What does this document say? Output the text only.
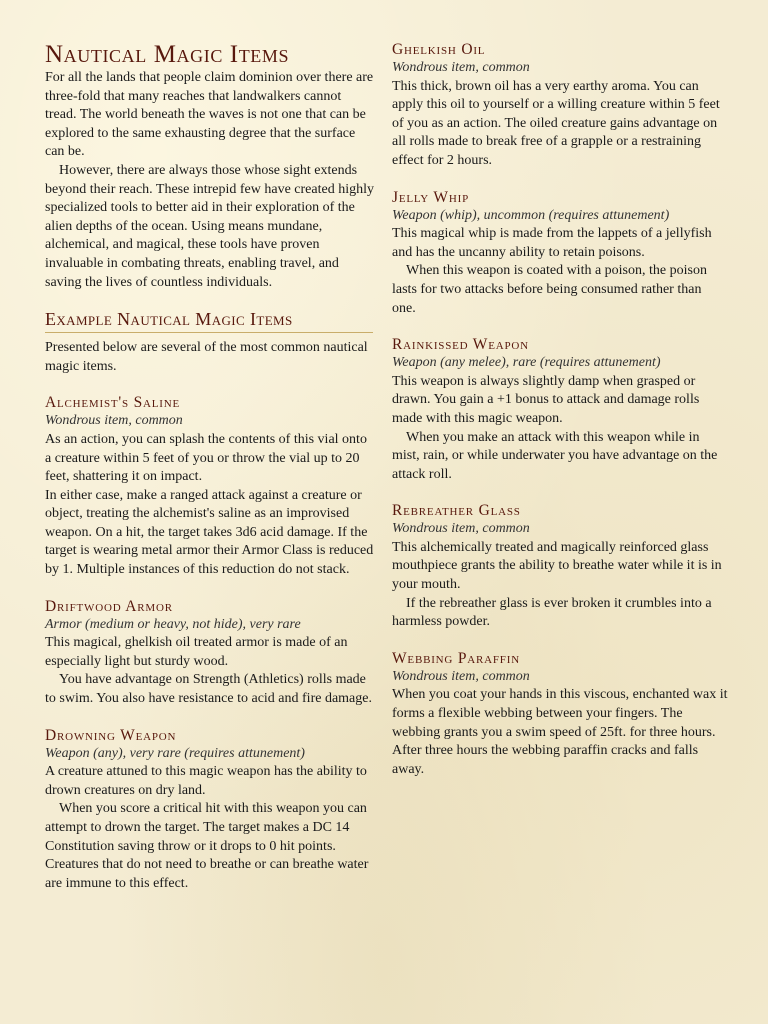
Nautical Magic Items

For all the lands that people claim dominion over there are three-fold that many reaches that landwalkers cannot tread. The world beneath the waves is not one that can be explored to the same exhausting degree that the surface can be.

However, there are always those whose sight extends beyond their reach. These intrepid few have created highly specialized tools to better aid in their exploration of the alien depths of the ocean. Using means mundane, alchemical, and magical, these tools have proven invaluable in combating threats, enabling travel, and saving the lives of countless individuals.

Example Nautical Magic Items

Presented below are several of the most common nautical magic items.

Alchemist's Saline

Wondrous item, common

As an action, you can splash the contents of this vial onto a creature within 5 feet of you or throw the vial up to 20 feet, shattering it on impact.

In either case, make a ranged attack against a creature or object, treating the alchemist's saline as an improvised weapon. On a hit, the target takes 3d6 acid damage. If the target is wearing metal armor their Armor Class is reduced by 1. Multiple instances of this reduction do not stack.

Driftwood Armor

Armor (medium or heavy, not hide), very rare

This magical, ghelkish oil treated armor is made of an especially light but sturdy wood.

You have advantage on Strength (Athletics) rolls made to swim. You also have resistance to acid and fire damage.

Drowning Weapon

Weapon (any), very rare (requires attunement)

A creature attuned to this magic weapon has the ability to drown creatures on dry land.

When you score a critical hit with this weapon you can attempt to drown the target. The target makes a DC 14 Constitution saving throw or it drops to 0 hit points. Creatures that do not need to breathe or can breathe water are immune to this effect.

Ghelkish Oil

Wondrous item, common

This thick, brown oil has a very earthy aroma. You can apply this oil to yourself or a willing creature within 5 feet of you as an action. The oiled creature gains advantage on all rolls made to break free of a grapple or a restraining effect for 2 hours.

Jelly Whip

Weapon (whip), uncommon (requires attunement)

This magical whip is made from the lappets of a jellyfish and has the uncanny ability to retain poisons.

When this weapon is coated with a poison, the poison lasts for two attacks before being consumed rather than one.

Rainkissed Weapon

Weapon (any melee), rare (requires attunement)

This weapon is always slightly damp when grasped or drawn. You gain a +1 bonus to attack and damage rolls made with this magic weapon.

When you make an attack with this weapon while in mist, rain, or while underwater you have advantage on the attack roll.

Rebreather Glass

Wondrous item, common

This alchemically treated and magically reinforced glass mouthpiece grants the ability to breathe water while it is in your mouth.

If the rebreather glass is ever broken it crumbles into a harmless powder.

Webbing Paraffin

Wondrous item, common

When you coat your hands in this viscous, enchanted wax it forms a flexible webbing between your fingers. The webbing grants you a swim speed of 25ft. for three hours. After three hours the webbing paraffin cracks and falls away.
